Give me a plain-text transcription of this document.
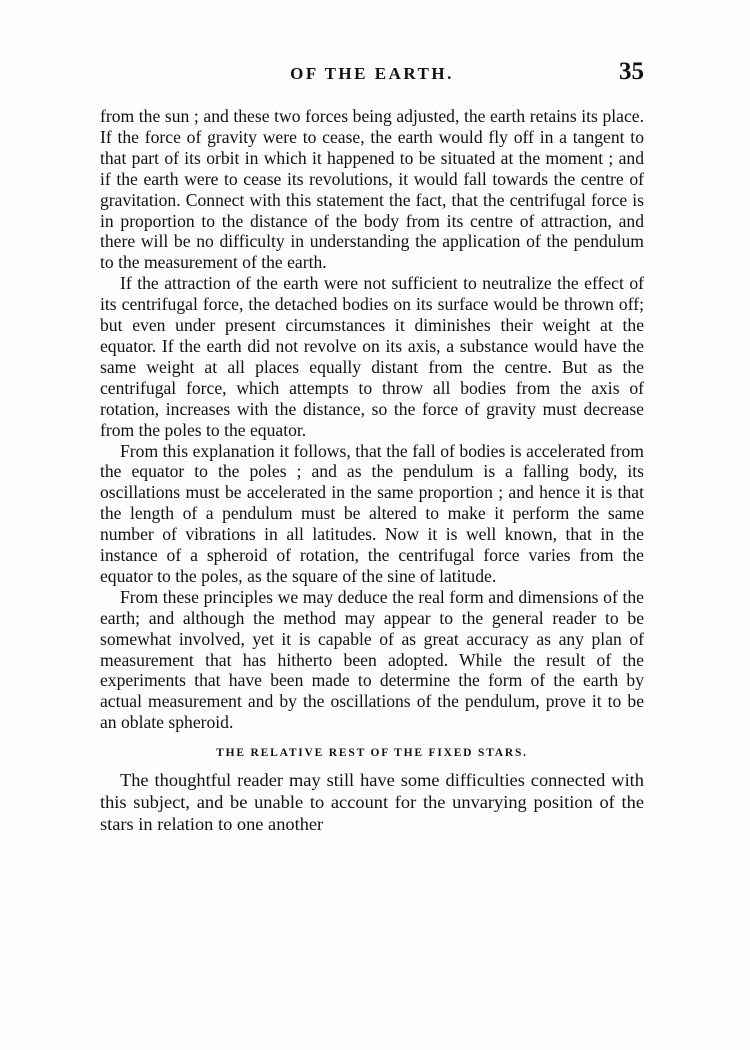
OF THE EARTH.	35

from the sun ; and these two forces being adjusted, the earth retains its place. If the force of gravity were to cease, the earth would fly off in a tangent to that part of its orbit in which it happened to be situated at the moment ; and if the earth were to cease its revolutions, it would fall towards the centre of gravitation. Connect with this statement the fact, that the centrifugal force is in proportion to the distance of the body from its centre of attraction, and there will be no difficulty in understanding the application of the pendulum to the measurement of the earth.

If the attraction of the earth were not sufficient to neutralize the effect of its centrifugal force, the detached bodies on its surface would be thrown off; but even under present circumstances it diminishes their weight at the equator. If the earth did not revolve on its axis, a substance would have the same weight at all places equally distant from the centre. But as the centrifugal force, which attempts to throw all bodies from the axis of rotation, increases with the distance, so the force of gravity must decrease from the poles to the equator.

From this explanation it follows, that the fall of bodies is accelerated from the equator to the poles ; and as the pendulum is a falling body, its oscillations must be accelerated in the same proportion ; and hence it is that the length of a pendulum must be altered to make it perform the same number of vibrations in all latitudes. Now it is well known, that in the instance of a spheroid of rotation, the centrifugal force varies from the equator to the poles, as the square of the sine of latitude.

From these principles we may deduce the real form and dimensions of the earth; and although the method may appear to the general reader to be somewhat involved, yet it is capable of as great accuracy as any plan of measurement that has hitherto been adopted. While the result of the experiments that have been made to determine the form of the earth by actual measurement and by the oscillations of the pendulum, prove it to be an oblate spheroid.

THE RELATIVE REST OF THE FIXED STARS.

The thoughtful reader may still have some difficulties connected with this subject, and be unable to account for the unvarying position of the stars in relation to one another
